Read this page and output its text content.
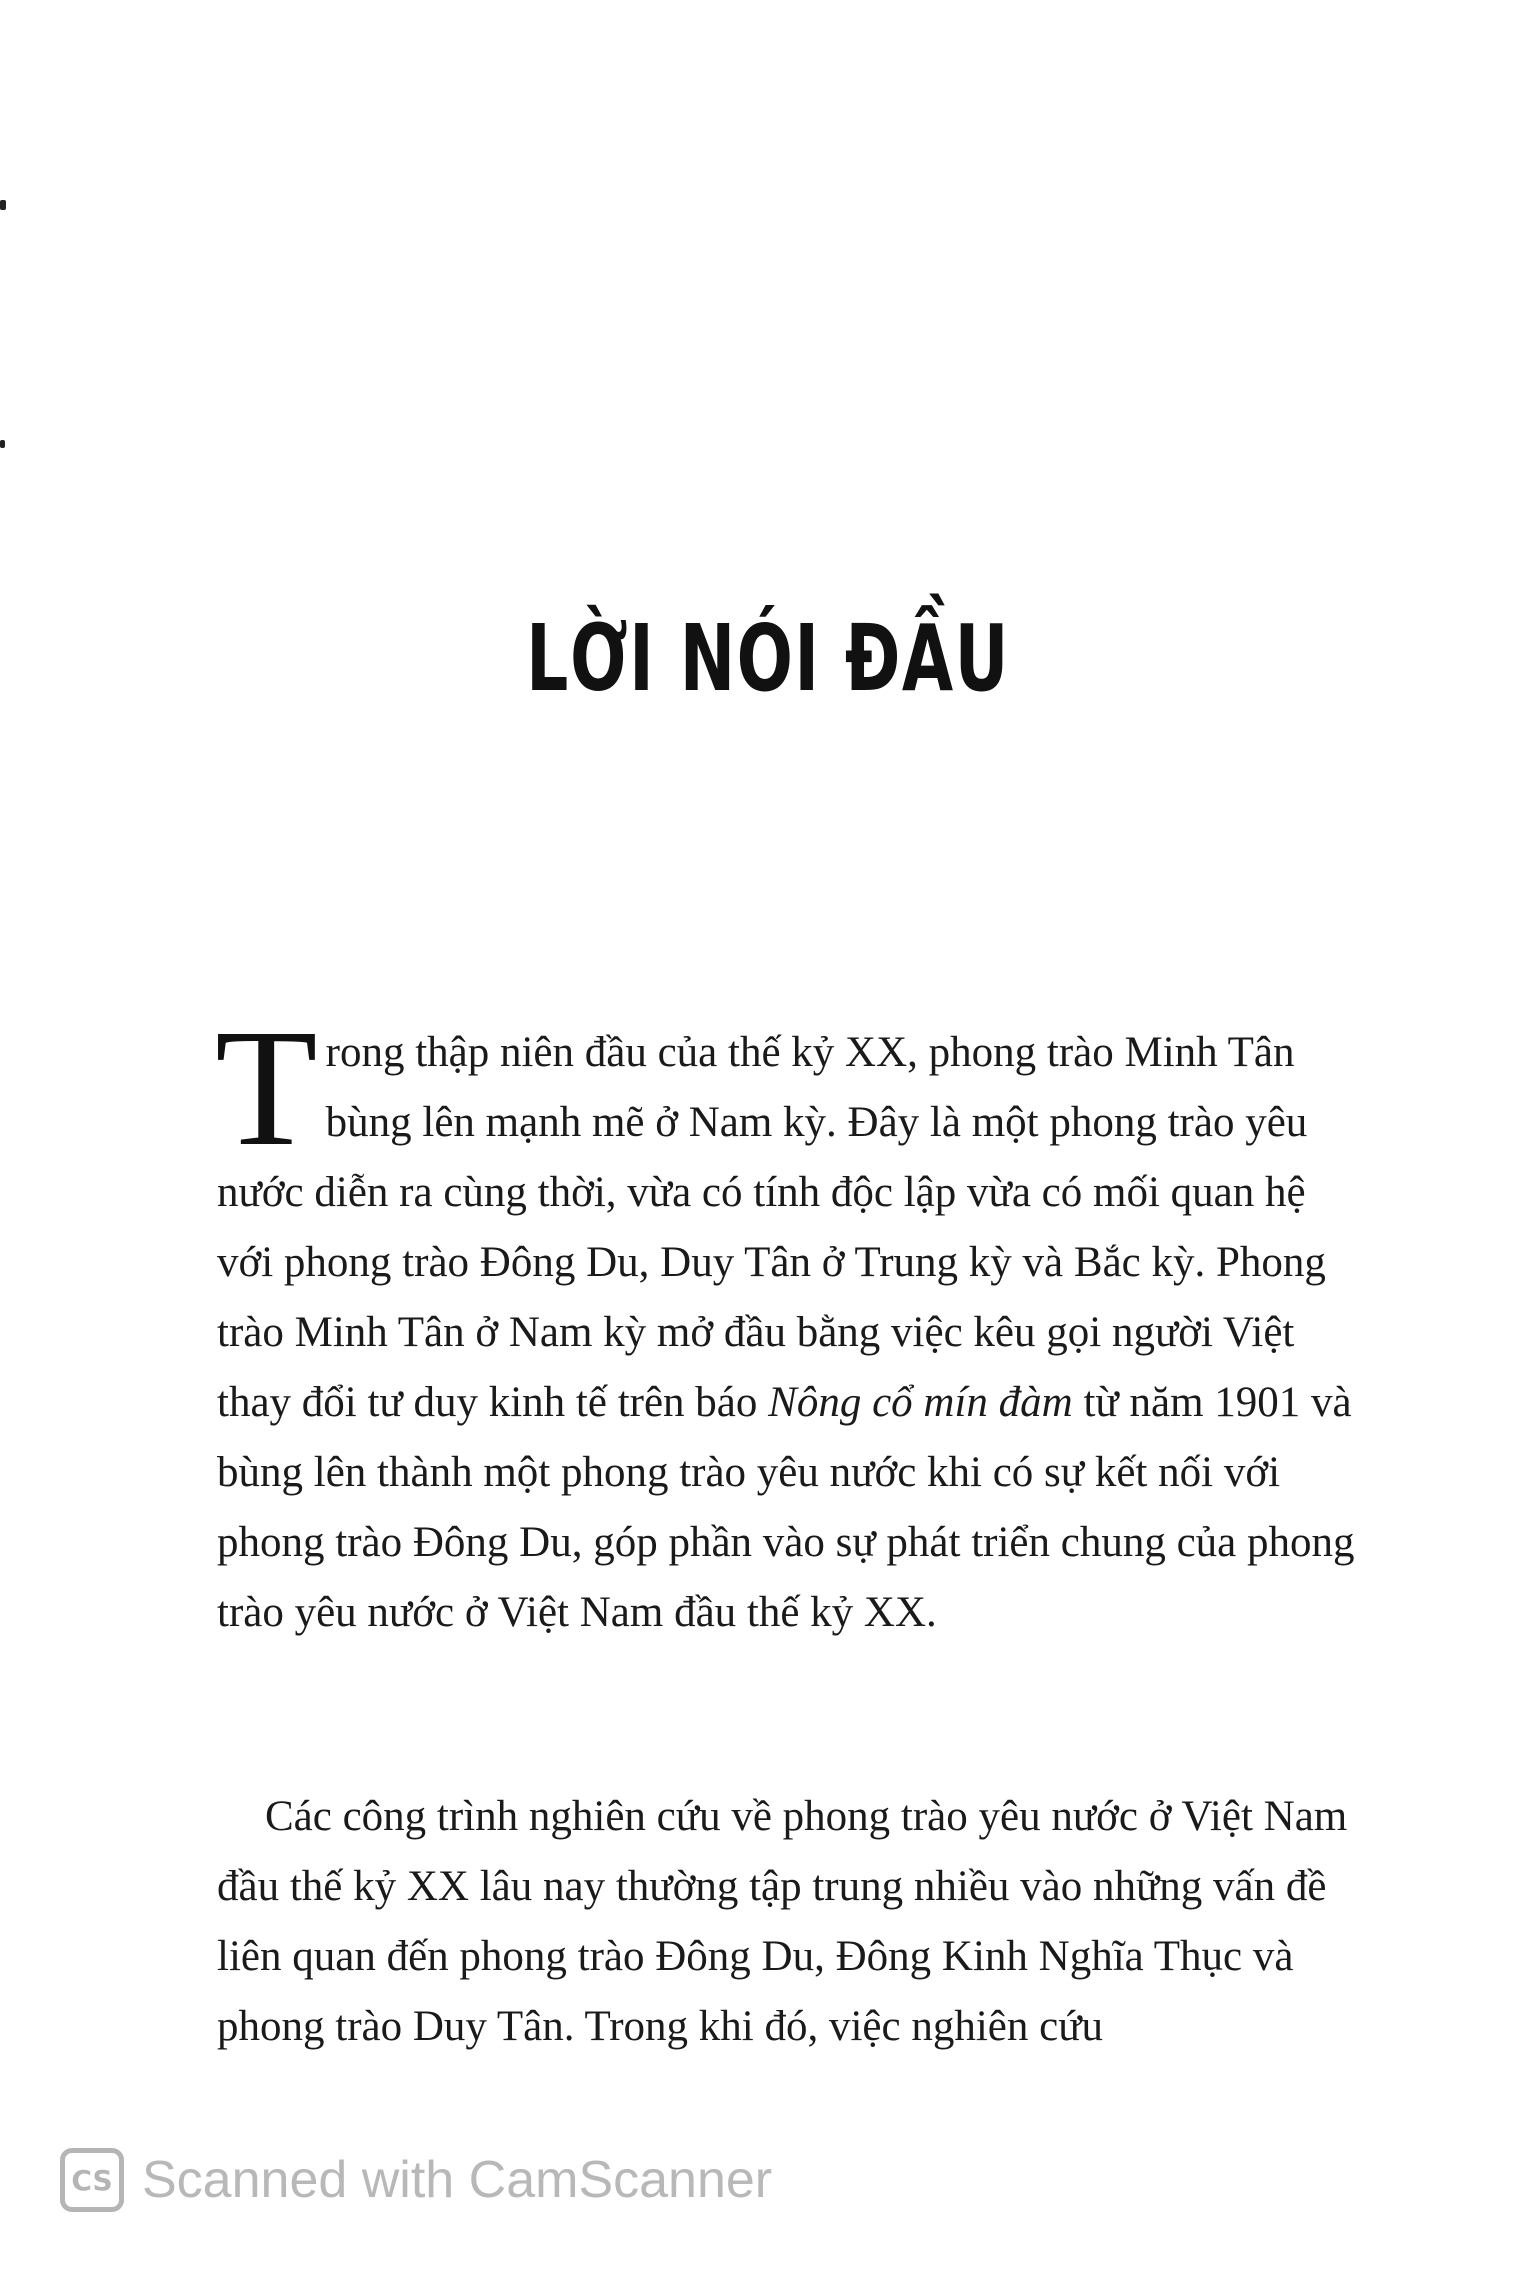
LỜI NÓI ĐẦU
Trong thập niên đầu của thế kỷ XX, phong trào Minh Tân bùng lên mạnh mẽ ở Nam kỳ. Đây là một phong trào yêu nước diễn ra cùng thời, vừa có tính độc lập vừa có mối quan hệ với phong trào Đông Du, Duy Tân ở Trung kỳ và Bắc kỳ. Phong trào Minh Tân ở Nam kỳ mở đầu bằng việc kêu gọi người Việt thay đổi tư duy kinh tế trên báo Nông cổ mín đàm từ năm 1901 và bùng lên thành một phong trào yêu nước khi có sự kết nối với phong trào Đông Du, góp phần vào sự phát triển chung của phong trào yêu nước ở Việt Nam đầu thế kỷ XX.
Các công trình nghiên cứu về phong trào yêu nước ở Việt Nam đầu thế kỷ XX lâu nay thường tập trung nhiều vào những vấn đề liên quan đến phong trào Đông Du, Đông Kinh Nghĩa Thục và phong trào Duy Tân. Trong khi đó, việc nghiên cứu
CS Scanned with CamScanner
